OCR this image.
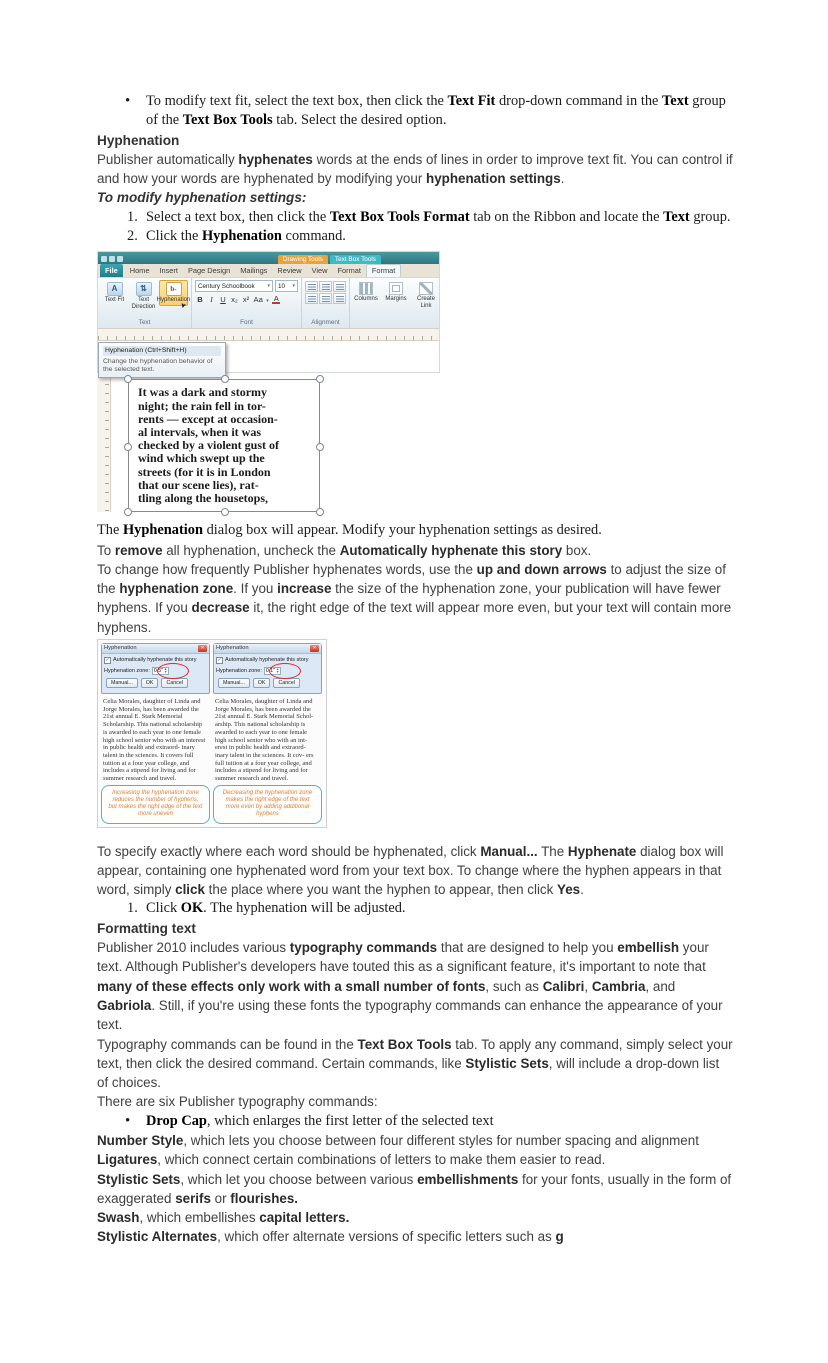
• To modify text fit, select the text box, then click the Text Fit drop-down command in the Text group of the Text Box Tools tab. Select the desired option.
Hyphenation

Publisher automatically hyphenates words at the ends of lines in order to improve text fit. You can control if and how your words are hyphenated by modifying your hyphenation settings.

To modify hyphenation settings:
Select a text box, then click the Text Box Tools Format tab on the Ribbon and locate the Text group.
Click the Hyphenation command.
Drawing Tools	Text Box Tools
File	Home	Insert	Page Design	Mailings	Review	View	Format	Format
A
Text Fit
⇅
Text Direction
b-
Hyphenation
➤
Text
Century Schoolbook	▾ 10 ▾
B I U x₂ x² Aa ▾ A
Font	Alignment
Columns Margins	Create Link
Hyphenation (Ctrl+Shift+H)
Change the hyphenation behavior of the selected text.
It was a dark and stormy
night; the rain fell in tor-
rents — except at occasion-
al intervals, when it was
checked by a violent gust of
wind which swept up the
streets (for it is in London
that our scene lies), rat-
tling along the housetops,

The Hyphenation dialog box will appear. Modify your hyphenation settings as desired.

To remove all hyphenation, uncheck the Automatically hyphenate this story box.

To change how frequently Publisher hyphenates words, use the up and down arrows to adjust the size of the hyphenation zone. If you increase the size of the hyphenation zone, your publication will have fewer hyphens. If you decrease it, the right edge of the text will appear more even, but your text will contain more hyphens.

Hyphenation	✕
✓ Automatically hyphenate this story
Hyphenation zone: 0.5" ▲
▼
Manual...	OK	Cancel
Celia Morales, daughter of Linda and Jorge Morales, has been awarded the 21st annual E. Stark Memorial Scholarship. This national scholarship is awarded to each year to one female high school senior who with an interest in public health and extraord- inary talent in the sciences. It covers full tuition at a four year college, and includes a stipend for living and for summer research and travel.
Increasing the hyphenation zone reduces the number of hyphens, but makes the right edge of the text more uneven
Hyphenation	✕
✓ Automatically hyphenate this story
Hyphenation zone: 0.1" ▲
▼
Manual...	OK	Cancel
Celia Morales, daughter of Linda and Jorge Morales, has been awarded the 21st annual E. Stark Memorial Schol- arship. This national scholarship is awarded to each year to one female high school senior who with an int- erest in public health and extraord- inary talent in the sciences. It cov- ers full tuition at a four year college, and includes a stipend for living and for summer research and travel.
Decreasing the hyphenation zone makes the right edge of the text more even by adding additional hyphens

To specify exactly where each word should be hyphenated, click Manual... The Hyphenate dialog box will appear, containing one hyphenated word from your text box. To change where the hyphen appears in that word, simply click the place where you want the hyphen to appear, then click Yes.

Click OK. The hyphenation will be adjusted.
Formatting text

Publisher 2010 includes various typography commands that are designed to help you embellish your text. Although Publisher's developers have touted this as a significant feature, it's important to note that many of these effects only work with a small number of fonts, such as Calibri, Cambria, and Gabriola. Still, if you're using these fonts the typography commands can enhance the appearance of your text.

Typography commands can be found in the Text Box Tools tab. To apply any command, simply select your text, then click the desired command. Certain commands, like Stylistic Sets, will include a drop-down list of choices.

There are six Publisher typography commands:

• Drop Cap, which enlarges the first letter of the selected text

Number Style, which lets you choose between four different styles for number spacing and alignment

Ligatures, which connect certain combinations of letters to make them easier to read.

Stylistic Sets, which let you choose between various embellishments for your fonts, usually in the form of exaggerated serifs or flourishes.

Swash, which embellishes capital letters.

Stylistic Alternates, which offer alternate versions of specific letters such as g
